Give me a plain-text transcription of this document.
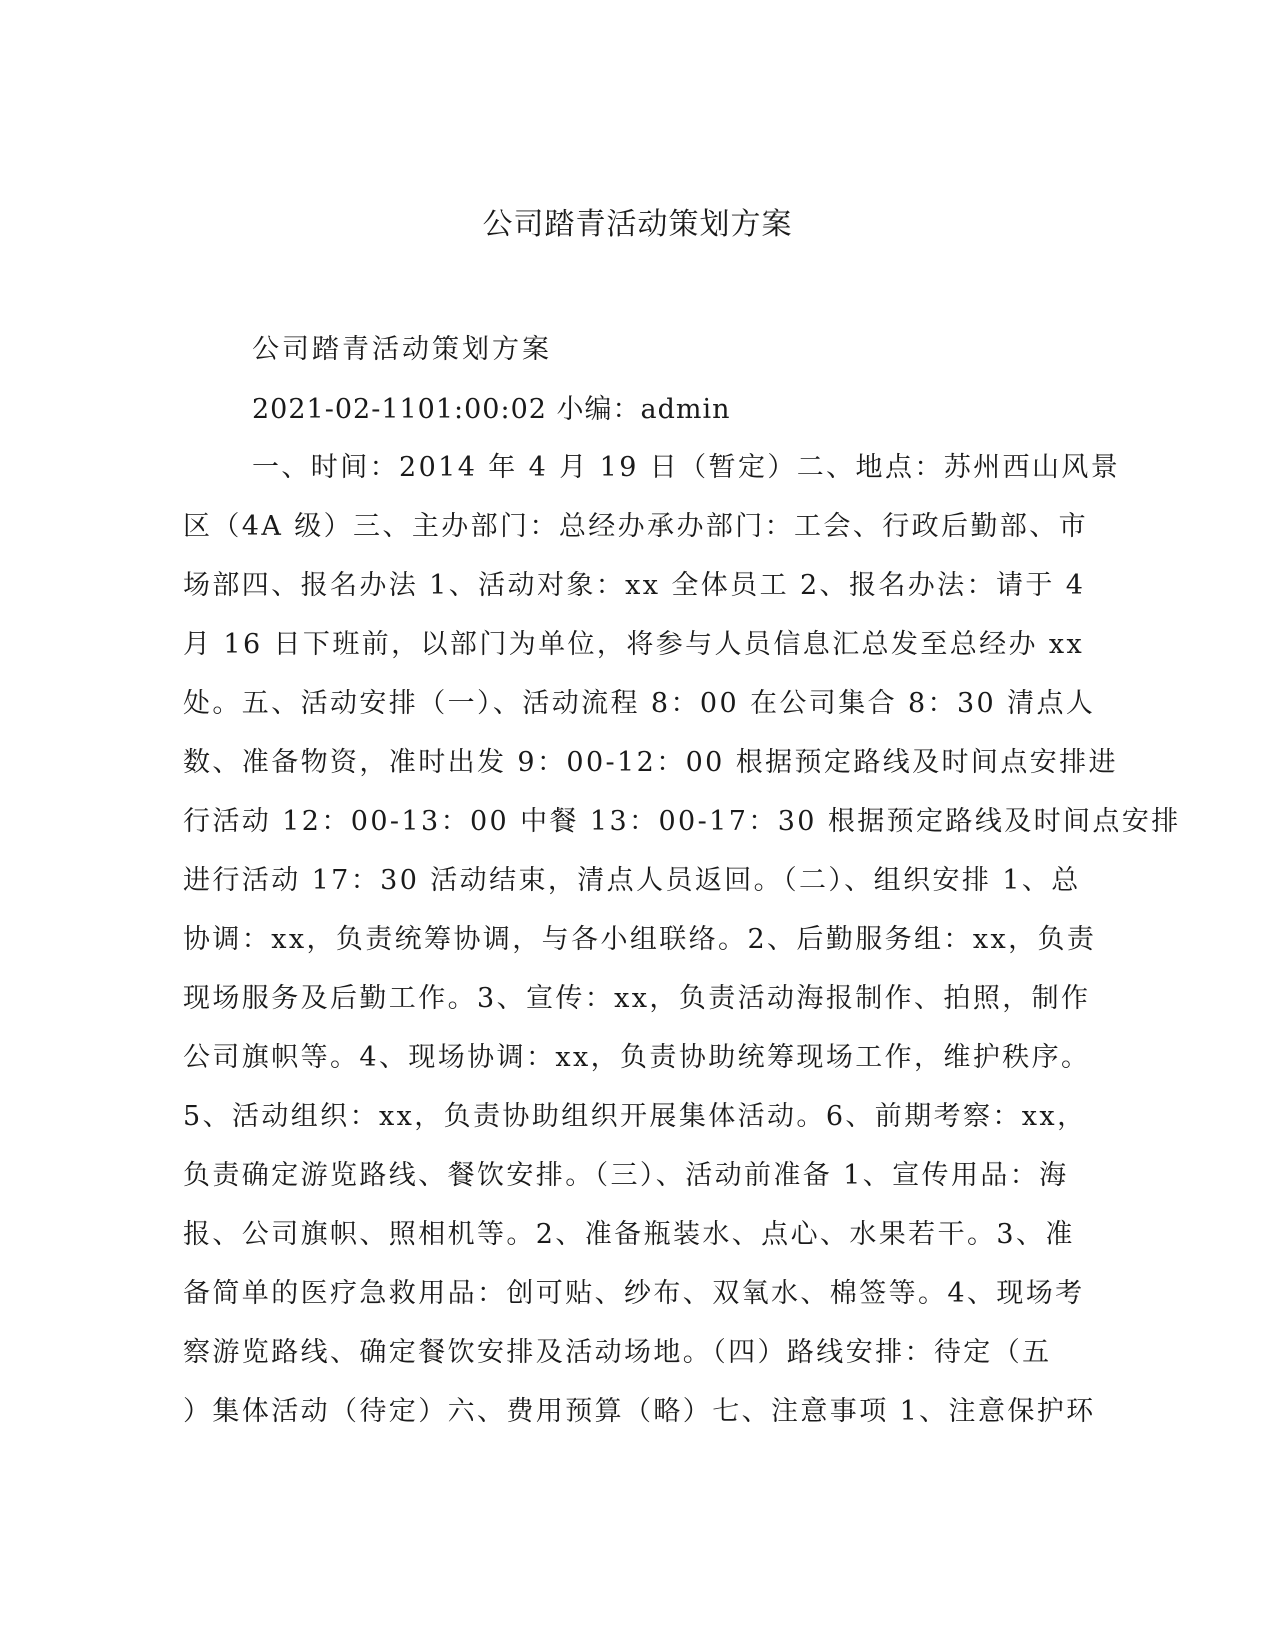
公司踏青活动策划方案

公司踏青活动策划方案

2021-02-1101:00:02 小编：admin

一、时间：2014 年 4 月 19 日（暂定）二、地点：苏州西山风景
区（4A 级）三、主办部门：总经办承办部门：工会、行政后勤部、市
场部四、报名办法 1、活动对象：xx 全体员工 2、报名办法：请于 4
月 16 日下班前，以部门为单位，将参与人员信息汇总发至总经办 xx
处。五、活动安排（一）、活动流程 8：00 在公司集合 8：30 清点人
数、准备物资，准时出发 9：00-12：00 根据预定路线及时间点安排进
行活动 12：00-13：00 中餐 13：00-17：30 根据预定路线及时间点安排
进行活动 17：30 活动结束，清点人员返回。（二）、组织安排 1、总
协调：xx，负责统筹协调，与各小组联络。2、后勤服务组：xx，负责
现场服务及后勤工作。3、宣传：xx，负责活动海报制作、拍照，制作
公司旗帜等。4、现场协调：xx，负责协助统筹现场工作，维护秩序。
5、活动组织：xx，负责协助组织开展集体活动。6、前期考察：xx，
负责确定游览路线、餐饮安排。（三）、活动前准备 1、宣传用品：海
报、公司旗帜、照相机等。2、准备瓶装水、点心、水果若干。3、准
备简单的医疗急救用品：创可贴、纱布、双氧水、棉签等。4、现场考
察游览路线、确定餐饮安排及活动场地。（四）路线安排：待定（五
）集体活动（待定）六、费用预算（略）七、注意事项 1、注意保护环
